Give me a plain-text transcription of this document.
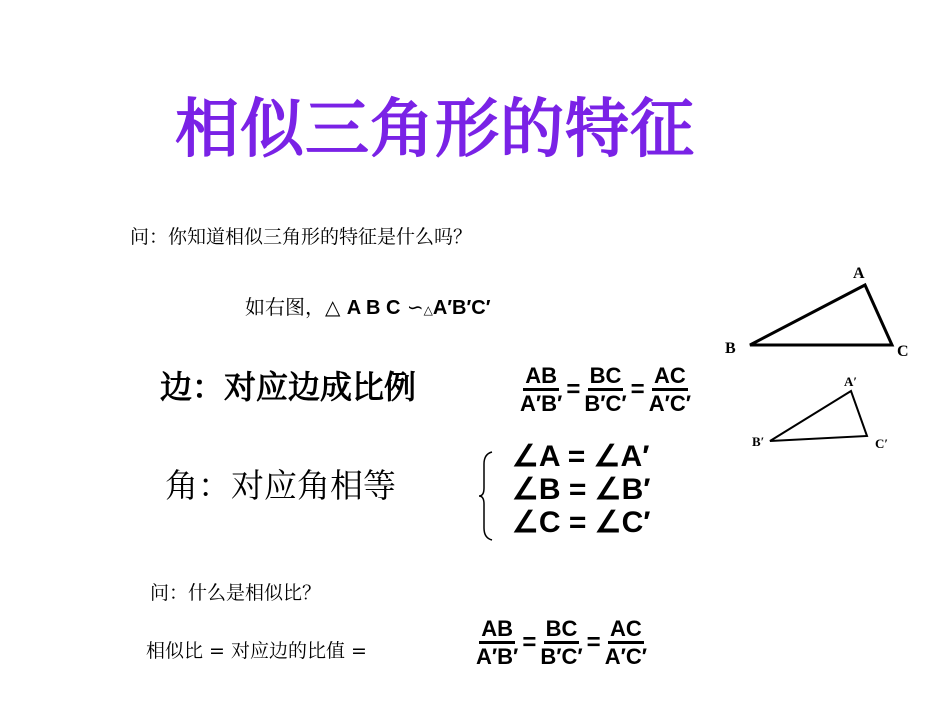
相似三角形的特征
问：你知道相似三角形的特征是什么吗？
如右图，△ A B C ∽△A′B′C′
边：对应边成比例	$\frac{AB}{A'B'} = \frac{BC}{B'C'} = \frac{AC}{A'C'}$
角：对应角相等
∠A = ∠A′
∠B = ∠B′
∠C = ∠C′
B
A
C
B′
A′
C′
问：什么是相似比？
相似比 = 对应边的比值 =	$\frac{AB}{A'B'} = \frac{BC}{B'C'} = \frac{AC}{A'C'}$
